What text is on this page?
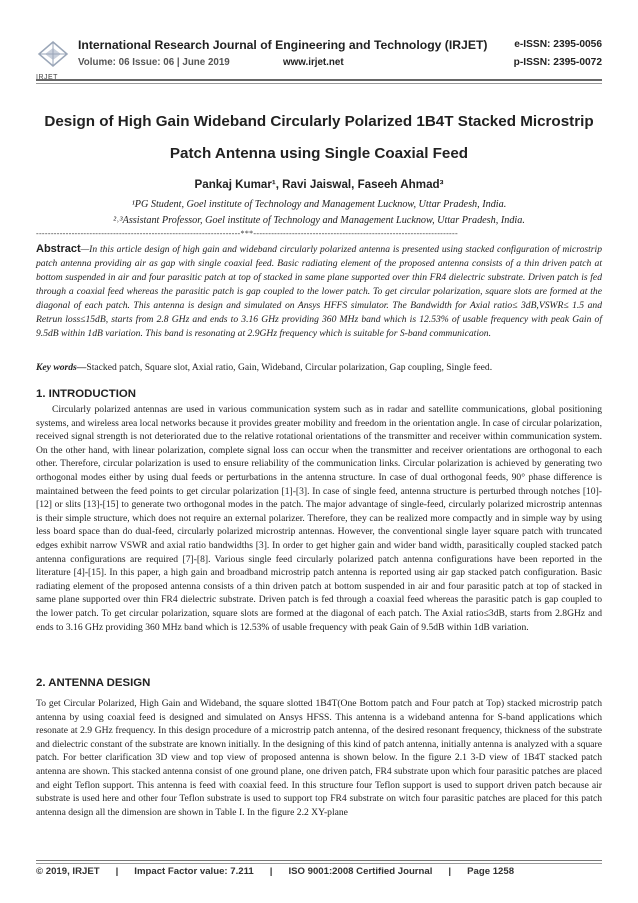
IRJET
International Research Journal of Engineering and Technology (IRJET)	e-ISSN: 2395-0056
Volume: 06 Issue: 06 | June 2019	www.irjet.net	p-ISSN: 2395-0072
Design of High Gain Wideband Circularly Polarized 1B4T Stacked Microstrip Patch Antenna using Single Coaxial Feed
Pankaj Kumar¹, Ravi Jaiswal, Faseeh Ahmad³
¹PG Student, Goel institute of Technology and Management Lucknow, Uttar Pradesh, India.
²˒³Assistant Professor, Goel institute of Technology and Management Lucknow, Uttar Pradesh, India.
---------------------------------------------------------------------***---------------------------------------------------------------------
Abstract—In this article design of high gain and wideband circularly polarized antenna is presented using stacked configuration of microstrip patch antenna providing air as gap with single coaxial feed. Basic radiating element of the proposed antenna consists of a thin driven patch at bottom suspended in air and four parasitic patch at top of stacked in same plane supported over thin FR4 dielectric substrate. Driven patch is fed through a coaxial feed whereas the parasitic patch is gap coupled to the lower patch. To get circular polarization, square slots are formed at the diagonal of each patch. This antenna is design and simulated on Ansys HFFS simulator. The Bandwidth for Axial ratio≤ 3dB,VSWR≤ 1.5 and Retrun loss≤15dB, starts from 2.8 GHz and ends to 3.16 GHz providing 360 MHz band which is 12.53% of usable frequency with peak Gain of 9.5dB within 1dB variation. This band is resonating at 2.9GHz frequency which is suitable for S-band communication.
Key words—Stacked patch, Square slot, Axial ratio, Gain, Wideband, Circular polarization, Gap coupling, Single feed.
1. INTRODUCTION
Circularly polarized antennas are used in various communication system such as in radar and satellite communications, global positioning systems, and wireless area local networks because it provides greater mobility and freedom in the orientation angle. In case of circular polarization, received signal strength is not deteriorated due to the relative rotational orientations of the transmitter and receiver within communication system. On the other hand, with linear polarization, complete signal loss can occur when the transmitter and receiver orientations are orthogonal to each other. Therefore, circular polarization is used to ensure reliability of the communication links. Circular polarization is achieved by generating two orthogonal modes either by using dual feeds or perturbations in the antenna structure. In case of dual orthogonal feeds, 90° phase difference is maintained between the feed points to get circular polarization [1]-[3]. In case of single feed, antenna structure is perturbed through notches [10]-[12] or slits [13]-[15] to generate two orthogonal modes in the patch. The major advantage of single-feed, circularly polarized microstrip antennas is their simple structure, which does not require an external polarizer. Therefore, they can be realized more compactly and in simple way by using less board space than do dual-feed, circularly polarized microstrip antennas. However, the conventional single layer square patch with truncated edges exhibit narrow VSWR and axial ratio bandwidths [3]. In order to get higher gain and wider band width, parasitically coupled stacked patch antenna configurations are required [7]-[8]. Various single feed circularly polarized patch antenna configurations have been reported in the literature [4]-[15]. In this paper, a high gain and broadband microstrip patch antenna is reported using air gap stacked patch configuration. Basic radiating element of the proposed antenna consists of a thin driven patch at bottom suspended in air and four parasitic patch at top of stacked in same plane supported over thin FR4 dielectric substrate. Driven patch is fed through a coaxial feed whereas the parasitic patch is gap coupled to the lower patch. To get circular polarization, square slots are formed at the diagonal of each patch. The Axial ratio≤3dB, starts from 2.8GHz and ends to 3.16 GHz providing 360 MHz band which is 12.53% of usable frequency with peak Gain of 9.5dB within 1dB variation.
2. ANTENNA DESIGN
To get Circular Polarized, High Gain and Wideband, the square slotted 1B4T(One Bottom patch and Four patch at Top) stacked microstrip patch antenna by using coaxial feed is designed and simulated on Ansys HFSS. This antenna is a wideband antenna for S-band applications which resonate at 2.9 GHz frequency. In this design procedure of a microstrip patch antenna, of the desired resonant frequency, thickness of the substrate and dielectric constant of the substrate are known initially. In the designing of this kind of patch antenna, initially antenna is analyzed with a square patch. For better clarification 3D view and top view of proposed antenna is shown below. In the figure 2.1 3-D view of 1B4T stacked patch antenna are shown. This stacked antenna consist of one ground plane, one driven patch, FR4 substrate upon which four parasitic patches are placed and eight Teflon support. This antenna is feed with coaxial feed. In this structure four Teflon support is used to support driven patch because air substrate is used here and other four Teflon substrate is used to support top FR4 substrate on witch four parasitic patches are placed for this patch antenna design all the dimension are shown in Table I. In the figure 2.2 XY-plane
© 2019, IRJET | Impact Factor value: 7.211 | ISO 9001:2008 Certified Journal | Page 1258
